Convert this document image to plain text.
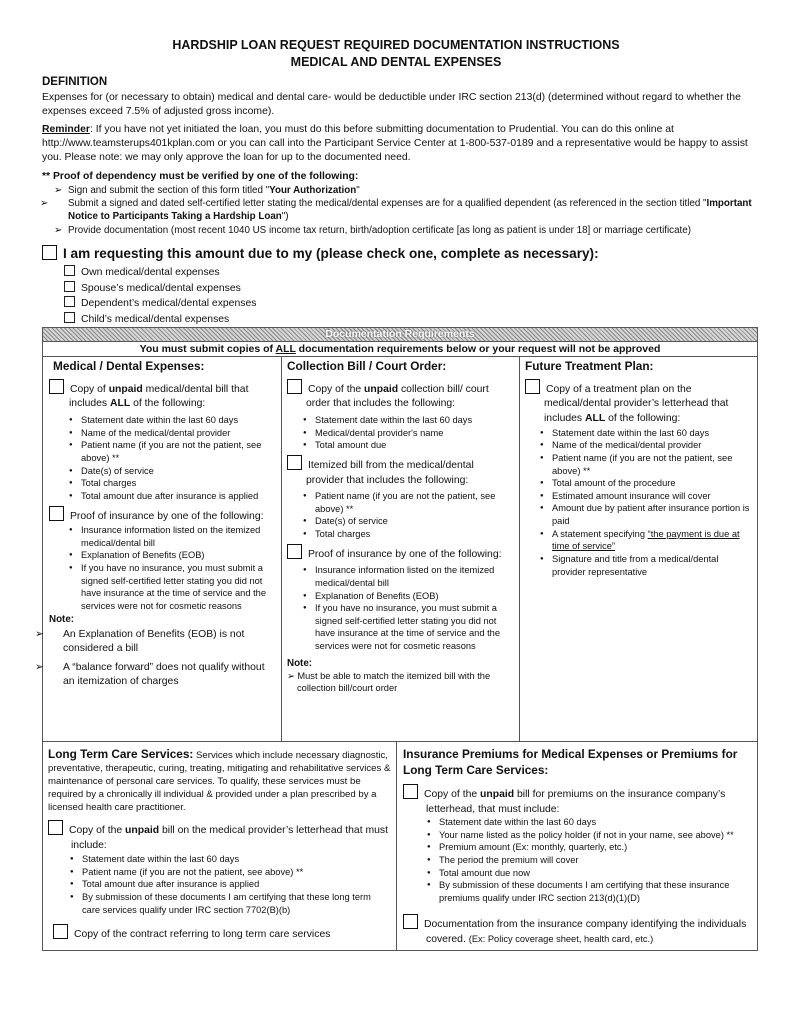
HARDSHIP LOAN REQUEST REQUIRED DOCUMENTATION INSTRUCTIONS
MEDICAL AND DENTAL EXPENSES
DEFINITION
Expenses for (or necessary to obtain) medical and dental care- would be deductible under IRC section 213(d) (determined without regard to whether the expenses exceed 7.5% of adjusted gross income).
Reminder: If you have not yet initiated the loan, you must do this before submitting documentation to Prudential. You can do this online at http://www.teamsterups401kplan.com or you can call into the Participant Service Center at 1-800-537-0189 and a representative would be happy to assist you. Please note: we may only approve the loan for up to the documented need.
** Proof of dependency must be verified by one of the following:
➢ Sign and submit the section of this form titled "Your Authorization"
➢ Submit a signed and dated self-certified letter stating the medical/dental expenses are for a qualified dependent (as referenced in the section titled "Important Notice to Participants Taking a Hardship Loan")
➢ Provide documentation (most recent 1040 US income tax return, birth/adoption certificate [as long as patient is under 18] or marriage certificate)
I am requesting this amount due to my (please check one, complete as necessary):
Own medical/dental expenses
Spouse’s medical/dental expenses
Dependent’s medical/dental expenses
Child’s medical/dental expenses
Documentation Requirements
You must submit copies of ALL documentation requirements below or your request will not be approved
Medical / Dental Expenses:
Copy of unpaid medical/dental bill that
includes ALL of the following:
● Statement date within the last 60 days
● Name of the medical/dental provider
● Patient name (if you are not the patient, see above) **
● Date(s) of service
● Total charges
● Total amount due after insurance is applied
Proof of insurance by one of the following:
● Insurance information listed on the itemized medical/dental bill
● Explanation of Benefits (EOB)
● If you have no insurance, you must submit a signed self-certified letter stating you did not have insurance at the time of service and the services were not for cosmetic reasons
Note:
➢ An Explanation of Benefits (EOB) is not considered a bill
➢ A “balance forward” does not qualify without an itemization of charges
Collection Bill / Court Order:
Copy of the unpaid collection bill/ court order that includes the following:
● Statement date within the last 60 days
● Medical/dental provider's name
● Total amount due
Itemized bill from the medical/dental provider that includes the following:
● Patient name (if you are not the patient, see above) **
● Date(s) of service
● Total charges
Proof of insurance by one of the following:
● Insurance information listed on the itemized medical/dental bill
● Explanation of Benefits (EOB)
● If you have no insurance, you must submit a signed self-certified letter stating you did not have insurance at the time of service and the services were not for cosmetic reasons
Note:
➢ Must be able to match the itemized bill with the collection bill/court order
Future Treatment Plan:
Copy of a treatment plan on the medical/dental provider’s letterhead that
includes ALL of the following:
● Statement date within the last 60 days
● Name of the medical/dental provider
● Patient name (if you are not the patient, see above) **
● Total amount of the procedure
● Estimated amount insurance will cover
● Amount due by patient after insurance portion is paid
● A statement specifying “the payment is due at time of service”
● Signature and title from a medical/dental provider representative
Long Term Care Services: Services which include necessary diagnostic, preventative, therapeutic, curing, treating, mitigating and rehabilitative services & maintenance of personal care services. To qualify, these services must be required by a chronically ill individual & provided under a plan prescribed by a licensed health care practitioner.
Copy of the unpaid bill on the medical provider’s letterhead that must include:
● Statement date within the last 60 days
● Patient name (if you are not the patient, see above) **
● Total amount due after insurance is applied
● By submission of these documents I am certifying that these long term care services qualify under IRC section 7702(B)(b)
Copy of the contract referring to long term care services
Insurance Premiums for Medical Expenses or Premiums for Long Term Care Services:
Copy of the unpaid bill for premiums on the insurance company’s letterhead, that must include:
● Statement date within the last 60 days
● Your name listed as the policy holder (if not in your name, see above) **
● Premium amount (Ex: monthly, quarterly, etc.)
● The period the premium will cover
● Total amount due now
● By submission of these documents I am certifying that these insurance premiums qualify under IRC section 213(d)(1)(D)
Documentation from the insurance company identifying the individuals covered. (Ex: Policy coverage sheet, health card, etc.)
